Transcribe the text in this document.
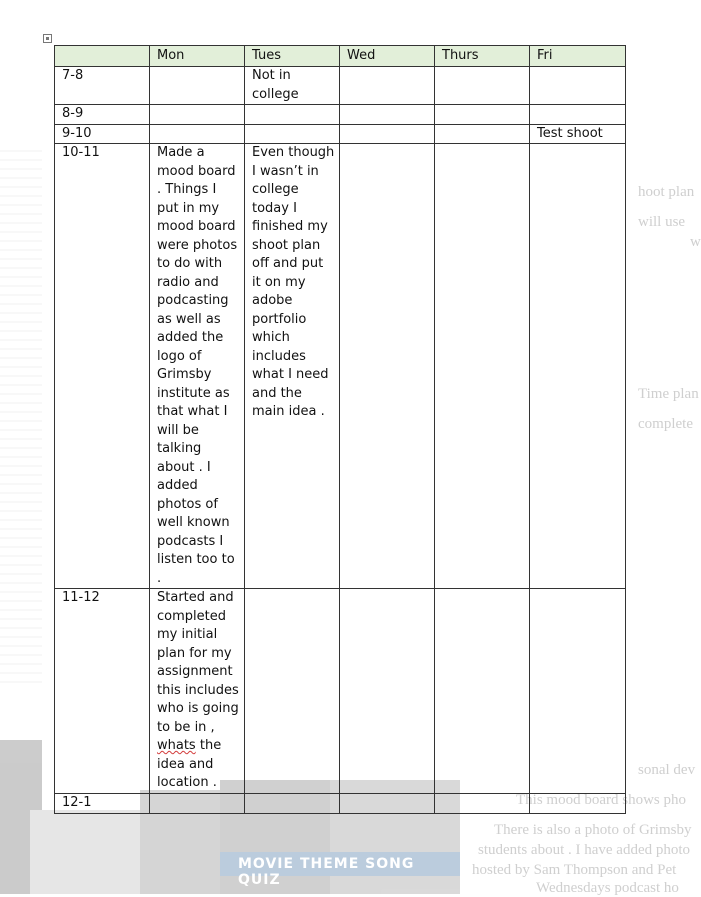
hoot plan
will use
w
Time plan
complete
sonal dev
This mood board shows pho
There is also a photo of Grimsby
students about . I have added photo
hosted by Sam Thompson and Pet
Wednesdays podcast ho
MOVIE THEME SONG QUIZ
	Mon	Tues	Wed	Thurs	Fri
7-8		Not in college			
8-9					
9-10					Test shoot
10-11	Made a mood board . Things I put in my mood board were photos to do with radio and podcasting as well as added the logo of Grimsby institute as that what I will be talking about . I added photos of well known podcasts I listen too to .	Even though I wasn’t in college today I finished my shoot plan off and put it on my adobe portfolio which includes what I need and the main idea .			
11-12	Started and completed my initial plan for my assignment this includes who is going to be in , whats the idea and location .				
12-1					
